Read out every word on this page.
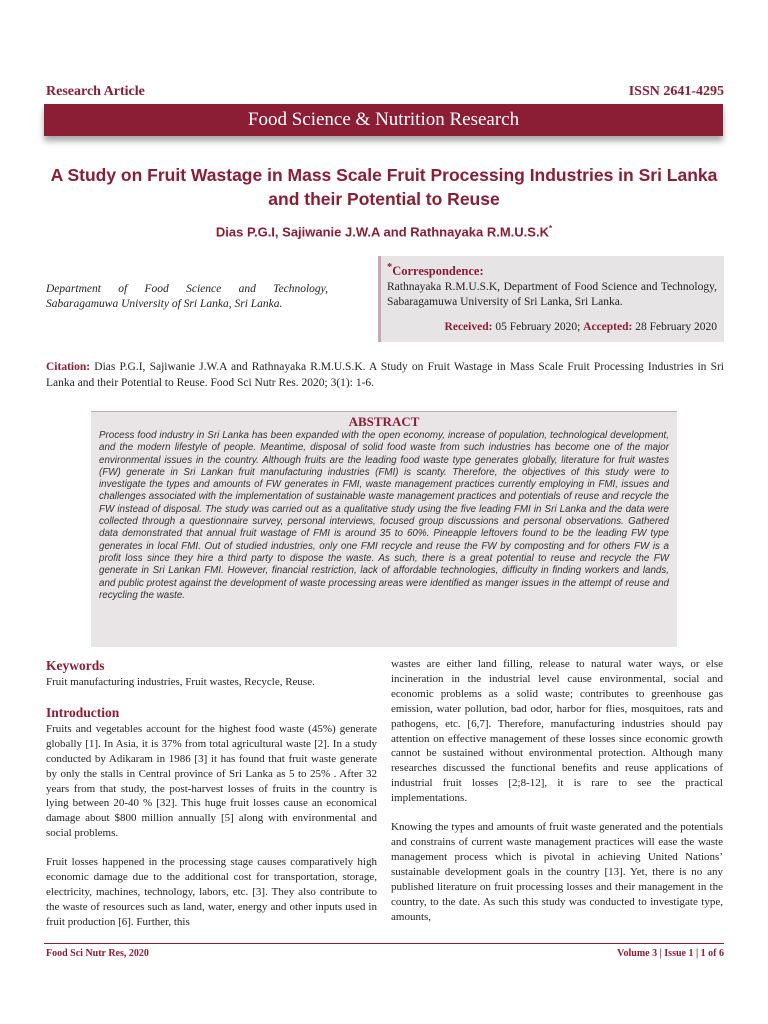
Research Article	ISSN 2641-4295
Food Science & Nutrition Research
A Study on Fruit Wastage in Mass Scale Fruit Processing Industries in Sri Lanka and their Potential to Reuse
Dias P.G.I, Sajiwanie J.W.A and Rathnayaka R.M.U.S.K*
Department of Food Science and Technology, Sabaragamuwa University of Sri Lanka, Sri Lanka.
*Correspondence:
Rathnayaka R.M.U.S.K, Department of Food Science and Technology, Sabaragamuwa University of Sri Lanka, Sri Lanka.
Received: 05 February 2020; Accepted: 28 February 2020
Citation: Dias P.G.I, Sajiwanie J.W.A and Rathnayaka R.M.U.S.K. A Study on Fruit Wastage in Mass Scale Fruit Processing Industries in Sri Lanka and their Potential to Reuse. Food Sci Nutr Res. 2020; 3(1): 1-6.
ABSTRACT
Process food industry in Sri Lanka has been expanded with the open economy, increase of population, technological development, and the modern lifestyle of people. Meantime, disposal of solid food waste from such industries has become one of the major environmental issues in the country. Although fruits are the leading food waste type generates globally, literature for fruit wastes (FW) generate in Sri Lankan fruit manufacturing industries (FMI) is scanty. Therefore, the objectives of this study were to investigate the types and amounts of FW generates in FMI, waste management practices currently employing in FMI, issues and challenges associated with the implementation of sustainable waste management practices and potentials of reuse and recycle the FW instead of disposal. The study was carried out as a qualitative study using the five leading FMI in Sri Lanka and the data were collected through a questionnaire survey, personal interviews, focused group discussions and personal observations. Gathered data demonstrated that annual fruit wastage of FMI is around 35 to 60%. Pineapple leftovers found to be the leading FW type generates in local FMI. Out of studied industries, only one FMI recycle and reuse the FW by composting and for others FW is a profit loss since they hire a third party to dispose the waste. As such, there is a great potential to reuse and recycle the FW generate in Sri Lankan FMI. However, financial restriction, lack of affordable technologies, difficulty in finding workers and lands, and public protest against the development of waste processing areas were identified as manger issues in the attempt of reuse and recycling the waste.
Keywords

Fruit manufacturing industries, Fruit wastes, Recycle, Reuse.

Introduction

Fruits and vegetables account for the highest food waste (45%) generate globally [1]. In Asia, it is 37% from total agricultural waste [2]. In a study conducted by Adikaram in 1986 [3] it has found that fruit waste generate by only the stalls in Central province of Sri Lanka as 5 to 25% . After 32 years from that study, the post-harvest losses of fruits in the country is lying between 20-40 % [32]. This huge fruit losses cause an economical damage about $800 million annually [5] along with environmental and social problems.

Fruit losses happened in the processing stage causes comparatively high economic damage due to the additional cost for transportation, storage, electricity, machines, technology, labors, etc. [3]. They also contribute to the waste of resources such as land, water, energy and other inputs used in fruit production [6]. Further, this

wastes are either land filling, release to natural water ways, or else incineration in the industrial level cause environmental, social and economic problems as a solid waste; contributes to greenhouse gas emission, water pollution, bad odor, harbor for flies, mosquitoes, rats and pathogens, etc. [6,7]. Therefore, manufacturing industries should pay attention on effective management of these losses since economic growth cannot be sustained without environmental protection. Although many researches discussed the functional benefits and reuse applications of industrial fruit losses [2;8-12], it is rare to see the practical implementations.

Knowing the types and amounts of fruit waste generated and the potentials and constrains of current waste management practices will ease the waste management process which is pivotal in achieving United Nations’ sustainable development goals in the country [13]. Yet, there is no any published literature on fruit processing losses and their management in the country, to the date. As such this study was conducted to investigate type, amounts,

Food Sci Nutr Res, 2020	Volume 3 | Issue 1 | 1 of 6
